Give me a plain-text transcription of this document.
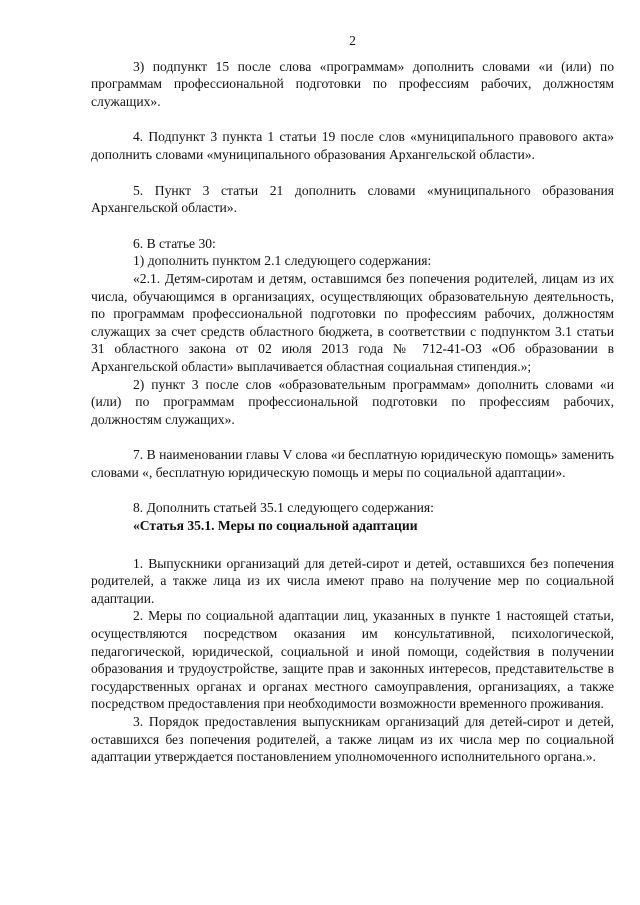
2

3) подпункт 15 после слова «программам» дополнить словами «и (или) по программам профессиональной подготовки по профессиям рабочих, должностям служащих».

4. Подпункт 3 пункта 1 статьи 19 после слов «муниципального правового акта» дополнить словами «муниципального образования Архангельской области».

5. Пункт 3 статьи 21 дополнить словами «муниципального образования Архангельской области».

6. В статье 30:

1) дополнить пунктом 2.1 следующего содержания:

«2.1. Детям-сиротам и детям, оставшимся без попечения родителей, лицам из их числа, обучающимся в организациях, осуществляющих образовательную деятельность, по программам профессиональной подготовки по профессиям рабочих, должностям служащих за счет средств областного бюджета, в соответствии с подпунктом 3.1 статьи 31 областного закона от 02 июля 2013 года № 712-41-ОЗ «Об образовании в Архангельской области» выплачивается областная социальная стипендия.»;

2) пункт 3 после слов «образовательным программам» дополнить словами «и (или) по программам профессиональной подготовки по профессиям рабочих, должностям служащих».

7. В наименовании главы V слова «и бесплатную юридическую помощь» заменить словами «, бесплатную юридическую помощь и меры по социальной адаптации».

8. Дополнить статьей 35.1 следующего содержания:

«Статья 35.1. Меры по социальной адаптации

1. Выпускники организаций для детей-сирот и детей, оставшихся без попечения родителей, а также лица из их числа имеют право на получение мер по социальной адаптации.

2. Меры по социальной адаптации лиц, указанных в пункте 1 настоящей статьи, осуществляются посредством оказания им консультативной, психологической, педагогической, юридической, социальной и иной помощи, содействия в получении образования и трудоустройстве, защите прав и законных интересов, представительстве в государственных органах и органах местного самоуправления, организациях, а также посредством предоставления при необходимости возможности временного проживания.

3. Порядок предоставления выпускникам организаций для детей-сирот и детей, оставшихся без попечения родителей, а также лицам из их числа мер по социальной адаптации утверждается постановлением уполномоченного исполнительного органа.».
